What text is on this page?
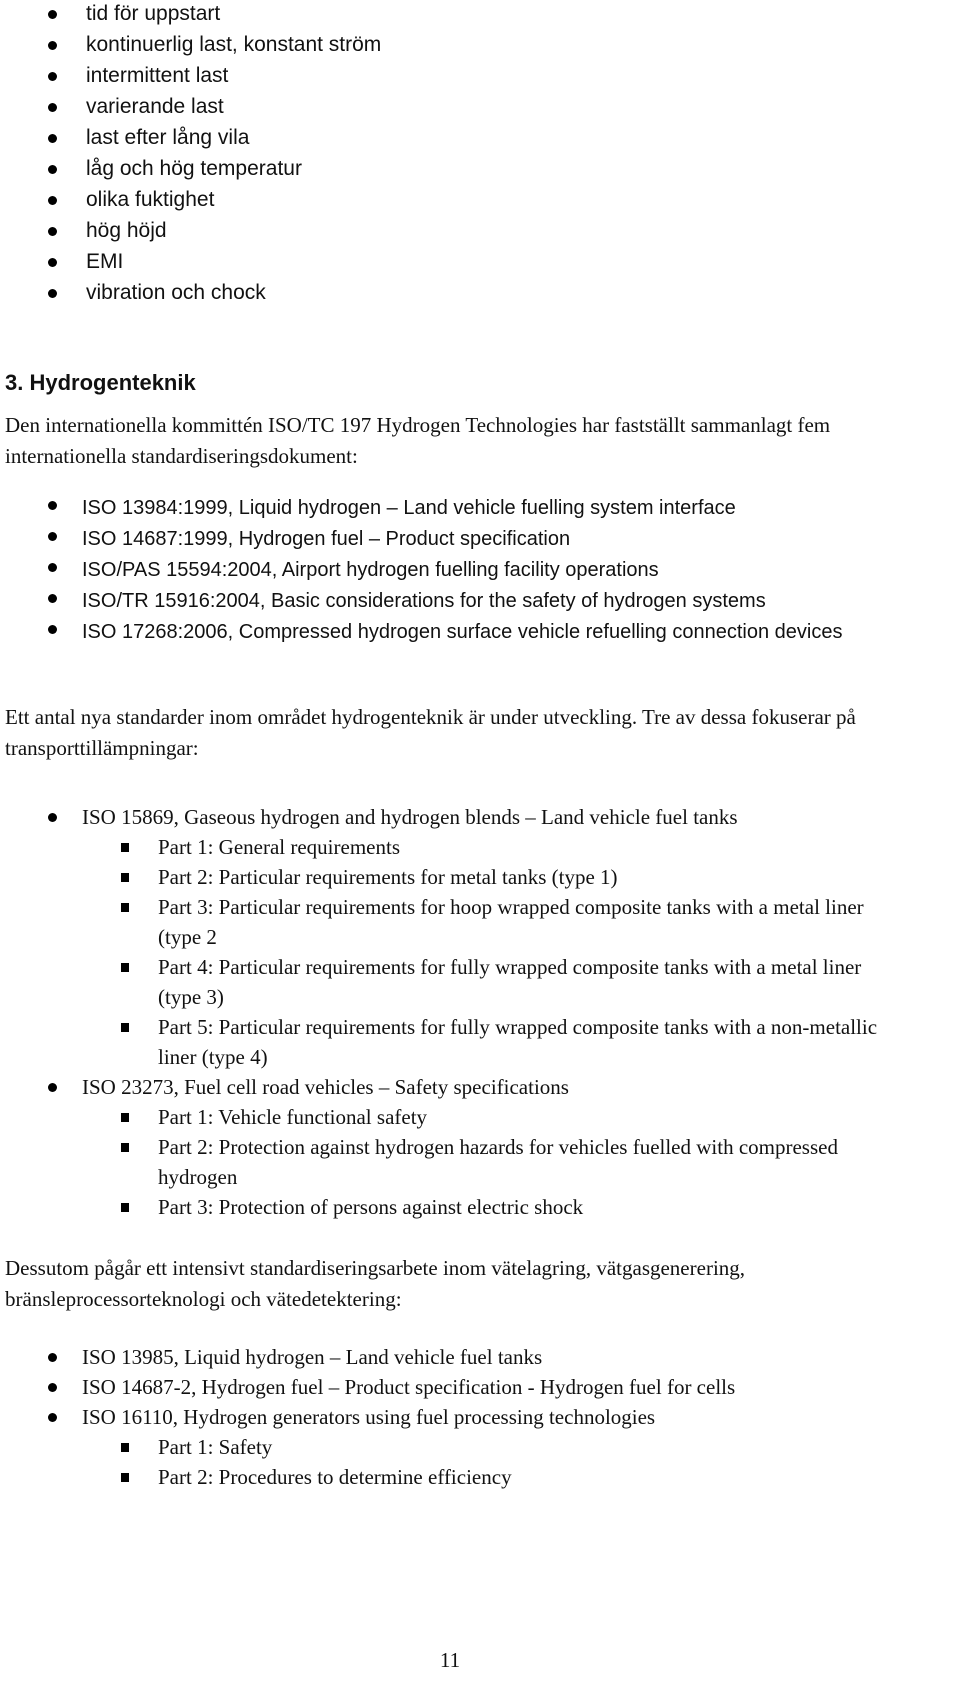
tid för uppstart
kontinuerlig last, konstant ström
intermittent last
varierande last
last efter lång vila
låg och hög temperatur
olika fuktighet
hög höjd
EMI
vibration och chock
3. Hydrogenteknik

Den internationella kommittén ISO/TC 197 Hydrogen Technologies har fastställt sammanlagt fem internationella standardiseringsdokument:

ISO 13984:1999, Liquid hydrogen – Land vehicle fuelling system interface
ISO 14687:1999, Hydrogen fuel – Product specification
ISO/PAS 15594:2004, Airport hydrogen fuelling facility operations
ISO/TR 15916:2004, Basic considerations for the safety of hydrogen systems
ISO 17268:2006, Compressed hydrogen surface vehicle refuelling connection devices

Ett antal nya standarder inom området hydrogenteknik är under utveckling. Tre av dessa fokuserar på transporttillämpningar:

ISO 15869, Gaseous hydrogen and hydrogen blends – Land vehicle fuel tanks
Part 1: General requirements
Part 2: Particular requirements for metal tanks (type 1)
Part 3: Particular requirements for hoop wrapped composite tanks with a metal liner (type 2
Part 4: Particular requirements for fully wrapped composite tanks with a metal liner (type 3)
Part 5: Particular requirements for fully wrapped composite tanks with a non-metallic liner (type 4)
ISO 23273, Fuel cell road vehicles – Safety specifications
Part 1: Vehicle functional safety
Part 2: Protection against hydrogen hazards for vehicles fuelled with compressed hydrogen
Part 3: Protection of persons against electric shock

Dessutom pågår ett intensivt standardiseringsarbete inom vätelagring, vätgasgenerering, bränsleprocessorteknologi och vätedetektering:

ISO 13985, Liquid hydrogen – Land vehicle fuel tanks
ISO 14687-2, Hydrogen fuel – Product specification - Hydrogen fuel for cells
ISO 16110, Hydrogen generators using fuel processing technologies
Part 1: Safety
Part 2: Procedures to determine efficiency
11
